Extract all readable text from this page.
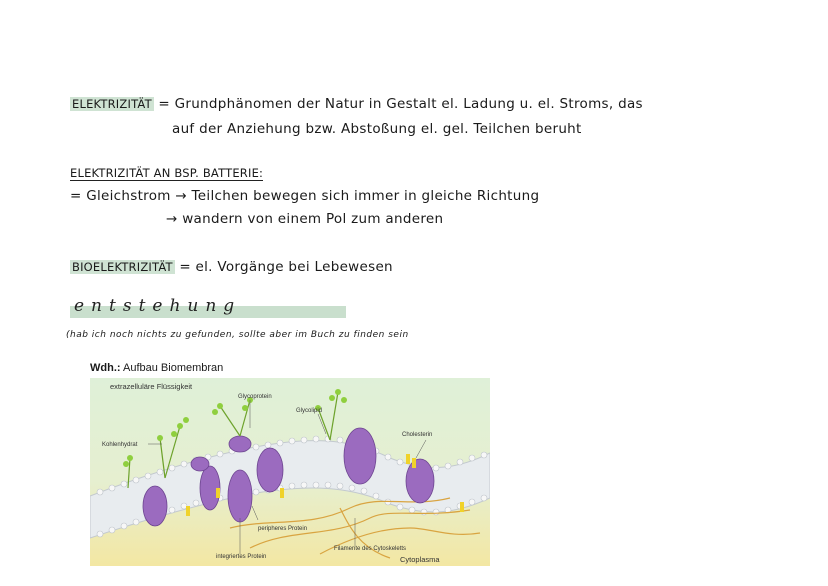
ELEKTRIZITÄT = Grundphänomen der Natur in Gestalt el. Ladung u. el. Stroms, das
auf der Anziehung bzw. Abstoßung el. gel. Teilchen beruht
ELEKTRIZITÄT AN BSP. BATTERIE:
= Gleichstrom → Teilchen bewegen sich immer in gleiche Richtung
→ wandern von einem Pol zum anderen
BIOELEKTRIZITÄT = el. Vorgänge bei Lebewesen
entstehung
(hab ich noch nichts zu gefunden, sollte aber im Buch zu finden sein
Wdh.: Aufbau Biomembran
extrazelluläre Flüssigkeit
Glycoprotein
Glycolipid
Kohlenhydrat
Cholesterin
peripheres Protein
integriertes Protein
Filamente des Cytoskeletts
Cytoplasma
